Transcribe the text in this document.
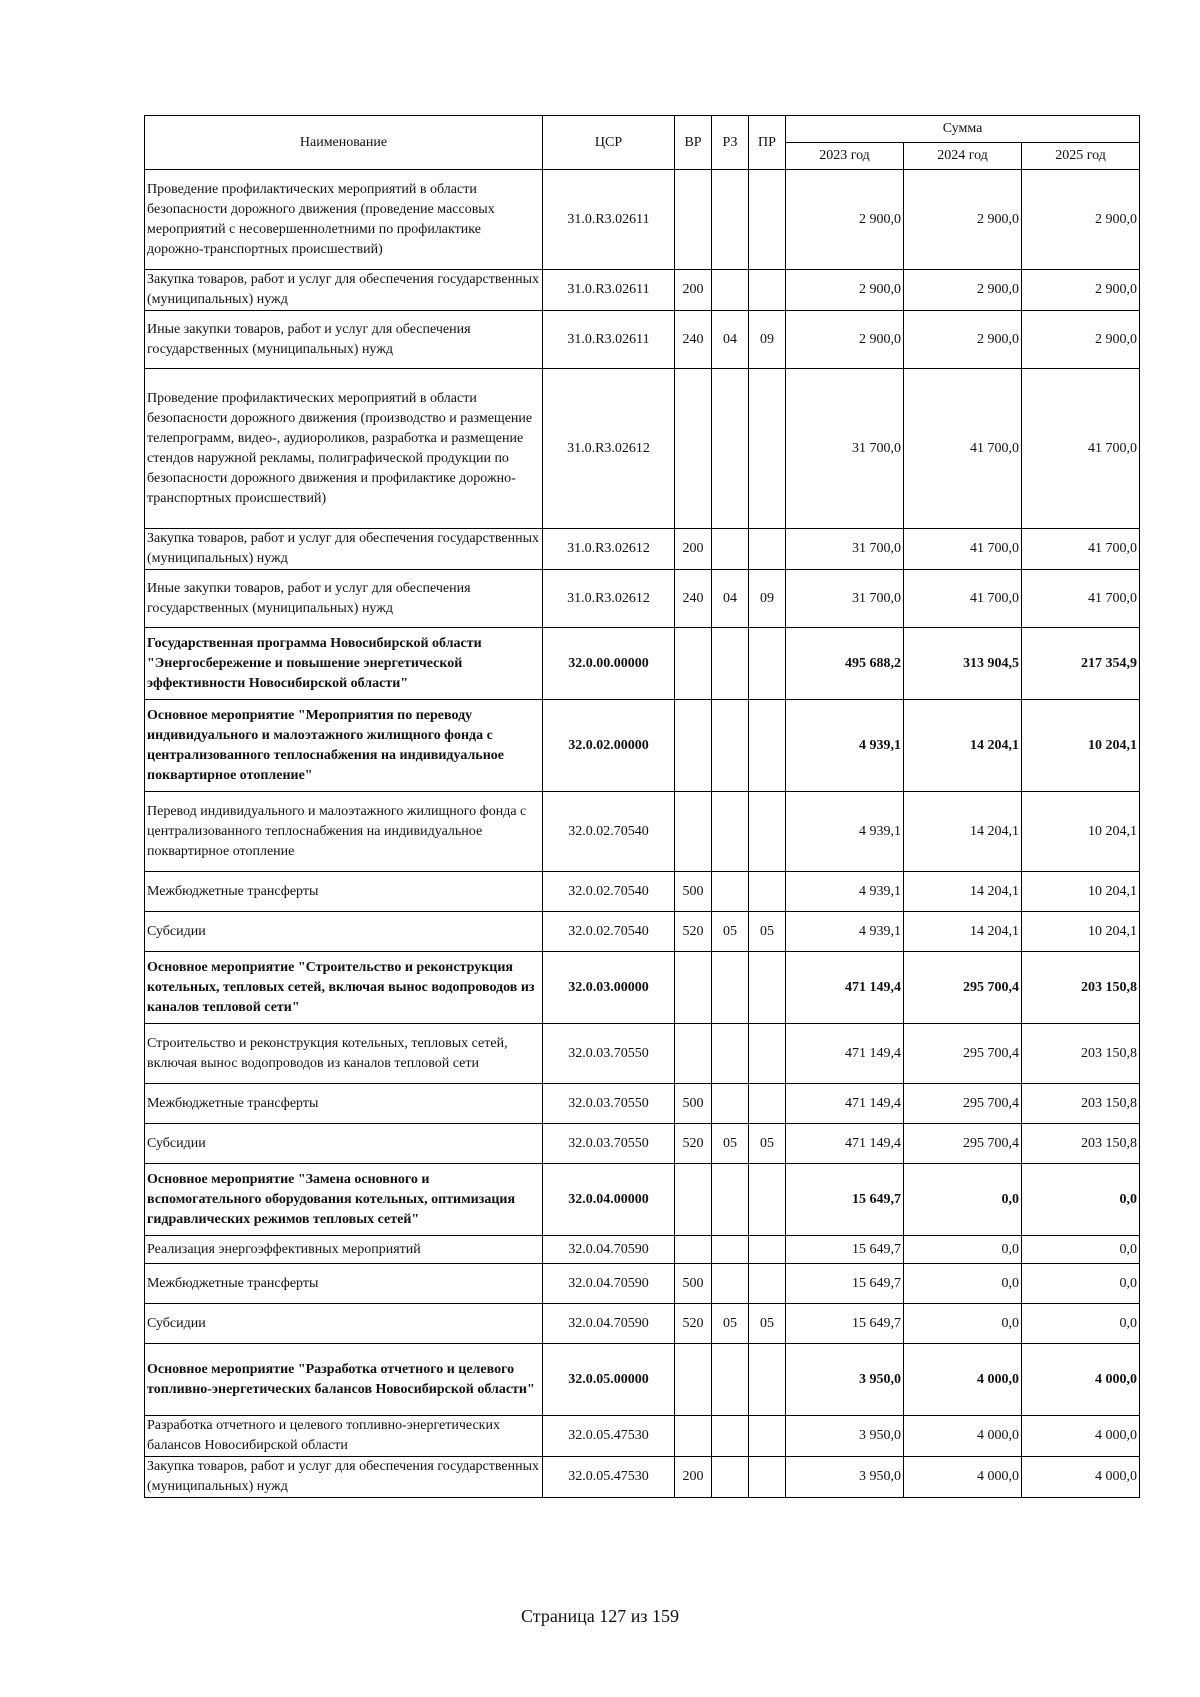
Наименование	ЦСР	ВР	РЗ	ПР	Сумма		
					2023 год	2024 год	2025 год
Проведение профилактических мероприятий в области безопасности дорожного движения (проведение массовых мероприятий с несовершеннолетними по профилактике дорожно-транспортных происшествий)	31.0.R3.02611				2 900,0	2 900,0	2 900,0
Закупка товаров, работ и услуг для обеспечения государственных (муниципальных) нужд	31.0.R3.02611	200			2 900,0	2 900,0	2 900,0
Иные закупки товаров, работ и услуг для обеспечения государственных (муниципальных) нужд	31.0.R3.02611	240	04	09	2 900,0	2 900,0	2 900,0
Проведение профилактических мероприятий в области безопасности дорожного движения (производство и размещение телепрограмм, видео-, аудиороликов, разработка и размещение стендов наружной рекламы, полиграфической продукции по безопасности дорожного движения и профилактике дорожно-транспортных происшествий)	31.0.R3.02612				31 700,0	41 700,0	41 700,0
Закупка товаров, работ и услуг для обеспечения государственных (муниципальных) нужд	31.0.R3.02612	200			31 700,0	41 700,0	41 700,0
Иные закупки товаров, работ и услуг для обеспечения государственных (муниципальных) нужд	31.0.R3.02612	240	04	09	31 700,0	41 700,0	41 700,0
Государственная программа Новосибирской области "Энергосбережение и повышение энергетической эффективности Новосибирской области"	32.0.00.00000				495 688,2	313 904,5	217 354,9
Основное мероприятие "Мероприятия по переводу индивидуального и малоэтажного жилищного фонда с централизованного теплоснабжения на индивидуальное поквартирное отопление"	32.0.02.00000				4 939,1	14 204,1	10 204,1
Перевод индивидуального и малоэтажного жилищного фонда с централизованного теплоснабжения на индивидуальное поквартирное отопление	32.0.02.70540				4 939,1	14 204,1	10 204,1
Межбюджетные трансферты	32.0.02.70540	500			4 939,1	14 204,1	10 204,1
Субсидии	32.0.02.70540	520	05	05	4 939,1	14 204,1	10 204,1
Основное мероприятие "Строительство и реконструкция котельных, тепловых сетей, включая вынос водопроводов из каналов тепловой сети"	32.0.03.00000				471 149,4	295 700,4	203 150,8
Строительство и реконструкция котельных, тепловых сетей, включая вынос водопроводов из каналов тепловой сети	32.0.03.70550				471 149,4	295 700,4	203 150,8
Межбюджетные трансферты	32.0.03.70550	500			471 149,4	295 700,4	203 150,8
Субсидии	32.0.03.70550	520	05	05	471 149,4	295 700,4	203 150,8
Основное мероприятие "Замена основного и вспомогательного оборудования котельных, оптимизация гидравлических режимов тепловых сетей"	32.0.04.00000				15 649,7	0,0	0,0
Реализация энергоэффективных мероприятий	32.0.04.70590				15 649,7	0,0	0,0
Межбюджетные трансферты	32.0.04.70590	500			15 649,7	0,0	0,0
Субсидии	32.0.04.70590	520	05	05	15 649,7	0,0	0,0
Основное мероприятие "Разработка отчетного и целевого топливно-энергетических балансов Новосибирской области"	32.0.05.00000				3 950,0	4 000,0	4 000,0
Разработка отчетного и целевого топливно-энергетических балансов Новосибирской области	32.0.05.47530				3 950,0	4 000,0	4 000,0
Закупка товаров, работ и услуг для обеспечения государственных (муниципальных) нужд	32.0.05.47530	200			3 950,0	4 000,0	4 000,0
Страница 127 из 159
